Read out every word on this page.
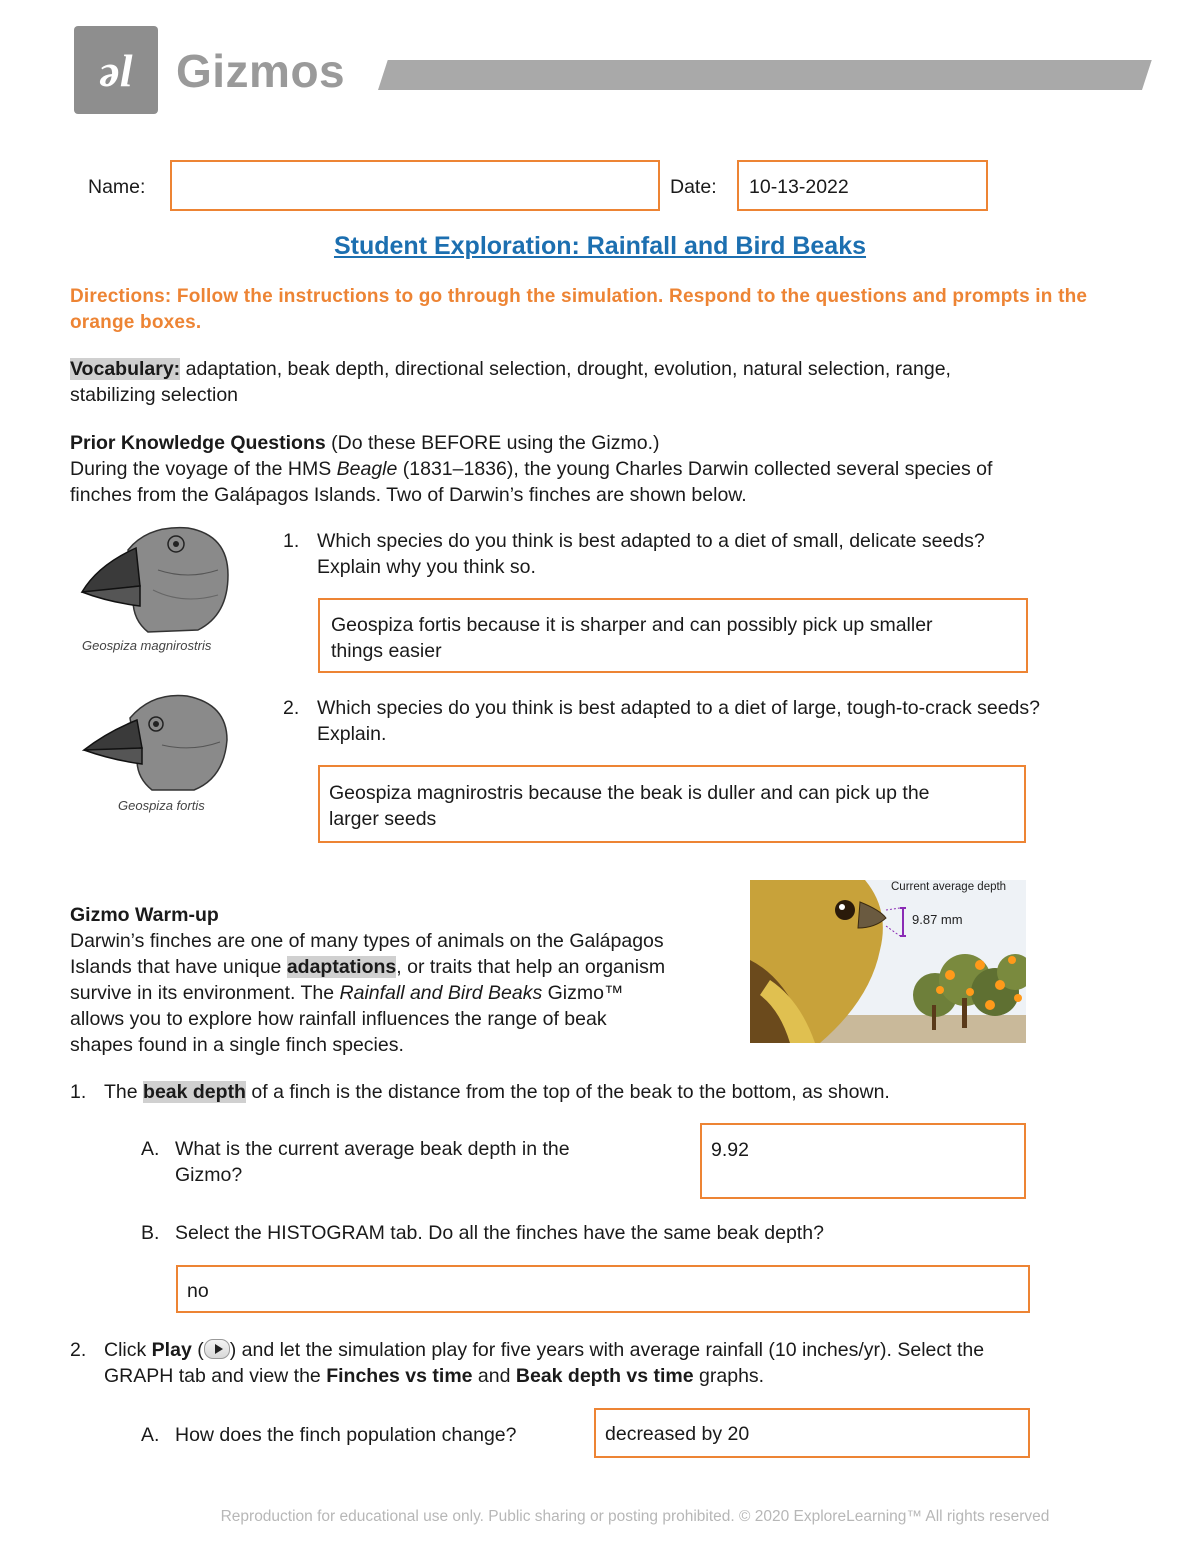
ǝl Gizmos
Name:	Date:	10-13-2022
Student Exploration: Rainfall and Bird Beaks
Directions: Follow the instructions to go through the simulation. Respond to the questions and prompts in the orange boxes.
Vocabulary: adaptation, beak depth, directional selection, drought, evolution, natural selection, range,
stabilizing selection
Prior Knowledge Questions (Do these BEFORE using the Gizmo.)
During the voyage of the HMS Beagle (1831–1836), the young Charles Darwin collected several species of
finches from the Galápagos Islands. Two of Darwin’s finches are shown below.
Geospiza magnirostris
Geospiza fortis
1. Which species do you think is best adapted to a diet of small, delicate seeds?
Explain why you think so.
Geospiza fortis because it is sharper and can possibly pick up smaller
things easier
2. Which species do you think is best adapted to a diet of large, tough-to-crack seeds?
Explain.
Geospiza magnirostris because the beak is duller and can pick up the
larger seeds
Gizmo Warm-up
Darwin’s finches are one of many types of animals on the Galápagos
Islands that have unique adaptations, or traits that help an organism
survive in its environment. The Rainfall and Bird Beaks Gizmo™
allows you to explore how rainfall influences the range of beak
shapes found in a single finch species.
Current average depth
9.87 mm
1. The beak depth of a finch is the distance from the top of the beak to the bottom, as shown.
A. What is the current average beak depth in the
Gizmo?
9.92
B. Select the HISTOGRAM tab. Do all the finches have the same beak depth?
no
2. Click Play ( ) and let the simulation play for five years with average rainfall (10 inches/yr). Select the
GRAPH tab and view the Finches vs time and Beak depth vs time graphs.
A. How does the finch population change?	decreased by 20
Reproduction for educational use only. Public sharing or posting prohibited. © 2020 ExploreLearning™ All rights reserved
